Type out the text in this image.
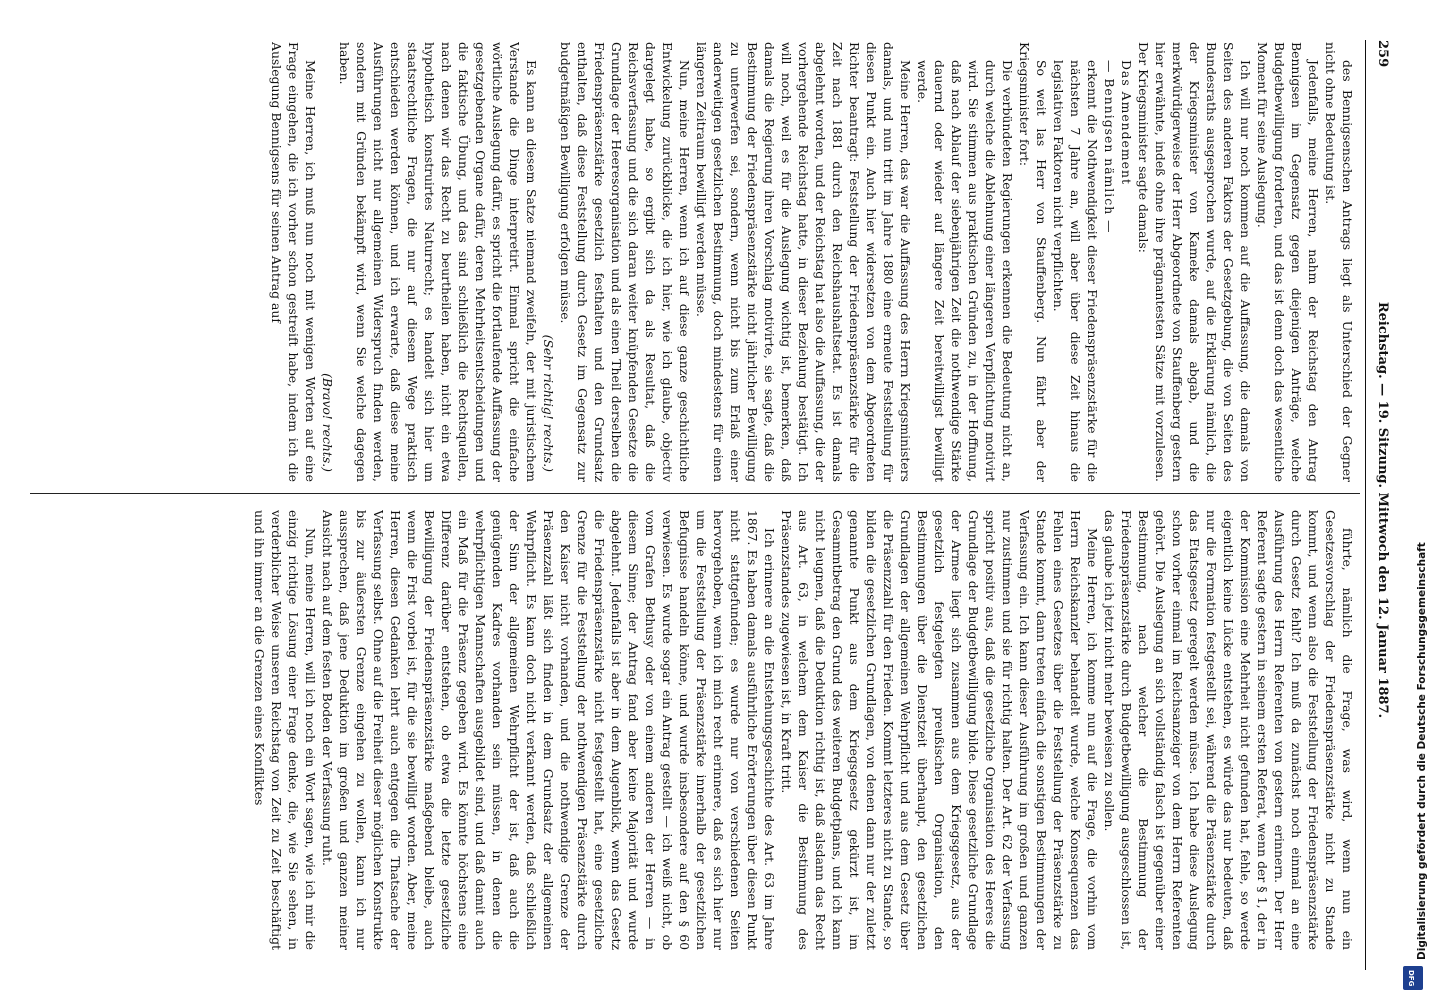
259
Reichstag. — 19. Sitzung. Mittwoch den 12. Januar 1887.

des Bennigsenschen Antrags liegt als Unterschied der Gegner nicht ohne Bedeutung ist.

Jedenfalls, meine Herren, nahm der Reichstag den Antrag Bennigsen im Gegensatz gegen diejenigen Anträge, welche Budgetbewilligung forderten, und das ist denn doch das wesentliche Moment für seine Auslegung.

Ich will nur noch kommen auf die Auffassung, die damals von Seiten des anderen Faktors der Gesetzgebung, die von Seiten des Bundesraths ausgesprochen wurde, auf die Erklärung nämlich, die der Kriegsminister von Kameke damals abgab, und die merkwürdigerweise der Herr Abgeordnete von Stauffenberg gestern hier erwähnte, indeß ohne ihre prägnantesten Sätze mit vorzulesen. Der Kriegsminister sagte damals:

Das Amendement

— Bennigsen nämlich —

erkennt die Nothwendigkeit dieser Friedenspräsenzstärke für die nächsten 7 Jahre an, will aber über diese Zeit hinaus die legislativen Faktoren nicht verpflichten.

So weit las Herr von Stauffenberg. Nun fährt aber der Kriegsminister fort:

Die verbündeten Regierungen erkennen die Bedeutung nicht an, durch welche die Ablehnung einer längeren Verpflichtung motivirt wird. Sie stimmen aus praktischen Gründen zu, in der Hoffnung, daß nach Ablauf der siebenjährigen Zeit die nothwendige Stärke dauernd oder wieder auf längere Zeit bereitwilligst bewilligt werde.

Meine Herren, das war die Auffassung des Herrn Kriegsministers damals, und nun tritt im Jahre 1880 eine erneute Feststellung für diesen Punkt ein. Auch hier widersetzen von dem Abgeordneten Richter beantragt: Feststellung der Friedenspräsenzstärke für die Zeit nach 1881 durch den Reichshaushaltsetat. Es ist damals abgelehnt worden, und der Reichstag hat also die Auffassung, die der vorhergehende Reichstag hatte, in dieser Beziehung bestätigt. Ich will noch, weil es für die Auslegung wichtig ist, bemerken, daß damals die Regierung ihren Vorschlag motivirte, sie sagte, daß die Bestimmung der Friedenspräsenzstärke nicht jährlicher Bewilligung zu unterwerfen sei, sondern, wenn nicht bis zum Erlaß einer anderweitigen gesetzlichen Bestimmung, doch mindestens für einen längeren Zeitraum bewilligt werden müsse.

Nun, meine Herren, wenn ich auf diese ganze geschichtliche Entwickelung zurückblicke, die ich hier, wie ich glaube, objectiv dargelegt habe, so ergibt sich da als Resultat, daß die Reichsverfassung und die sich daran weiter knüpfenden Gesetze die Grundlage der Heeresorganisation und als einen Theil derselben die Friedenspräsenzstärke gesetzlich festhalten und den Grundsatz enthalten, daß diese Feststellung durch Gesetz im Gegensatz zur budgetmäßigen Bewilligung erfolgen müsse.

(Sehr richtig! rechts.)

Es kann an diesem Satze niemand zweifeln, der mit juristischem Verstande die Dinge interpretirt. Einmal spricht die einfache wörtliche Auslegung dafür, es spricht die fortlaufende Auffassung der gesetzgebenden Organe dafür, deren Mehrheitsentscheidungen und die faktische Übung, und das sind schließlich die Rechtsquellen, nach denen wir das Recht zu beurtheilen haben, nicht ein etwa hypothetisch konstruirtes Naturrecht; es handelt sich hier um staatsrechtliche Fragen, die nur auf diesem Wege praktisch entschieden werden können, und ich erwarte, daß diese meine Ausführungen nicht nur allgemeinen Widerspruch finden werden, sondern mit Gründen bekämpft wird, wenn Sie welche dagegen haben.

(Bravo! rechts.)

Meine Herren, ich muß nun noch mit wenigen Worten auf eine Frage eingehen, die ich vorher schon gestreift habe, indem ich die Auslegung Bennigsens für seinen Antrag auf

führte, nämlich die Frage, was wird, wenn nun ein Gesetzesvorschlag der Friedenspräsenzstärke nicht zu Stande kommt, und wenn also die Feststellung der Friedenspräsenzstärke durch Gesetz fehlt? Ich muß da zunächst noch einmal an eine Ausführung des Herrn Referenten von gestern erinnern. Der Herr Referent sagte gestern in seinem ersten Referat, wenn der § 1, der in der Kommission eine Mehrheit nicht gefunden hat, fehle, so werde eigentlich keine Lücke entstehen, es würde das nur bedeuten, daß nur die Formation festgestellt sei, während die Präsenzstärke durch das Etatsgesetz geregelt werden müsse. Ich habe diese Auslegung schon vorher einmal im Reichsanzeiger von dem Herrn Referenten gehört. Die Auslegung an sich vollständig falsch ist gegenüber einer Bestimmung, nach welcher die Bestimmung der Friedenspräsenzstärke durch Budgetbewilligung ausgeschlossen ist, das glaube ich jetzt nicht mehr beweisen zu sollen.

Meine Herren, ich komme nun auf die Frage, die vorhin vom Herrn Reichskanzler behandelt wurde, welche Konsequenzen das Fehlen eines Gesetzes über die Feststellung der Präsenzstärke zu Stande kommt, dann treten einfach die sonstigen Bestimmungen der Verfassung ein. Ich kann dieser Ausführung im großen und ganzen nur zustimmen und sie für richtig halten. Der Art. 62 der Verfassung spricht positiv aus, daß die gesetzliche Organisation des Heeres die Grundlage der Budgetbewilligung bilde. Diese gesetzliche Grundlage der Armee liegt sich zusammen aus dem Kriegsgesetz, aus der gesetzlich festgelegten preußischen Organisation, den Bestimmungen über die Dienstzeit überhaupt, den gesetzlichen Grundlagen der allgemeinen Wehrpflicht und aus dem Gesetz über die Präsenzzahl für den Frieden. Kommt letzteres nicht zu Stande, so bilden die gesetzlichen Grundlagen, von denen dann nur der zuletzt genannte Punkt aus dem Kriegsgesetz gekürzt ist, im Gesammtbetrag den Grund des weiteren Budgetplans, und ich kann nicht leugnen, daß die Deduktion richtig ist, daß alsdann das Recht aus Art. 63, in welchem dem Kaiser die Bestimmung des Präsenzstandes zugewiesen ist, in Kraft tritt.

Ich erinnere an die Entstehungsgeschichte des Art. 63 im Jahre 1867. Es haben damals ausführliche Erörterungen über diesen Punkt nicht stattgefunden; es wurde nur von verschiedenen Seiten hervorgehoben, wenn ich mich recht erinnere, daß es sich hier nur um die Feststellung der Präsenzstärke innerhalb der gesetzlichen Befugnisse handeln könne, und wurde insbesondere auf den § 60 verwiesen. Es wurde sogar ein Antrag gestellt — ich weiß nicht, ob vom Grafen Bethusy oder von einem anderen der Herren — in diesem Sinne; der Antrag fand aber keine Majorität und wurde abgelehnt. Jedenfalls ist aber in dem Augenblick, wenn das Gesetz die Friedenspräsenzstärke nicht festgestellt hat, eine gesetzliche Grenze für die Feststellung der nothwendigen Präsenzstärke durch den Kaiser nicht vorhanden, und die nothwendige Grenze der Präsenzzahl läßt sich finden in dem Grundsatz der allgemeinen Wehrpflicht. Es kann doch nicht verkannt werden, daß schließlich der Sinn der allgemeinen Wehrpflicht der ist, daß auch die genügenden Kadres vorhanden sein müssen, in denen die wehrpflichtigen Mannschaften ausgebildet sind, und daß damit auch ein Maß für die Präsenz gegeben wird. Es könnte höchstens eine Differenz darüber entstehen, ob etwa die letzte gesetzliche Bewilligung der Friedenspräsenzstärke maßgebend bleibe, auch wenn die Frist vorbei ist, für die sie bewilligt worden. Aber, meine Herren, diesen Gedanken lehrt auch entgegen die Thatsache der Verfassung selbst. Ohne auf die Freiheit dieser möglichen Konstrukte bis zur äußersten Grenze eingehen zu wollen, kann ich nur aussprechen, daß jene Deduktion im großen und ganzen meiner Ansicht nach auf dem festen Boden der Verfassung ruht.

Nun, meine Herren, will ich noch ein Wort sagen, wie ich mir die einzig richtige Lösung einer Frage denke, die, wie Sie sehen, in verderblicher Weise unseren Reichstag von Zeit zu Zeit beschäftigt und ihn immer an die Grenzen eines Konfliktes	Digitalisierung gefördert durch die Deutsche Forschungsgemeinschaft
DFG
